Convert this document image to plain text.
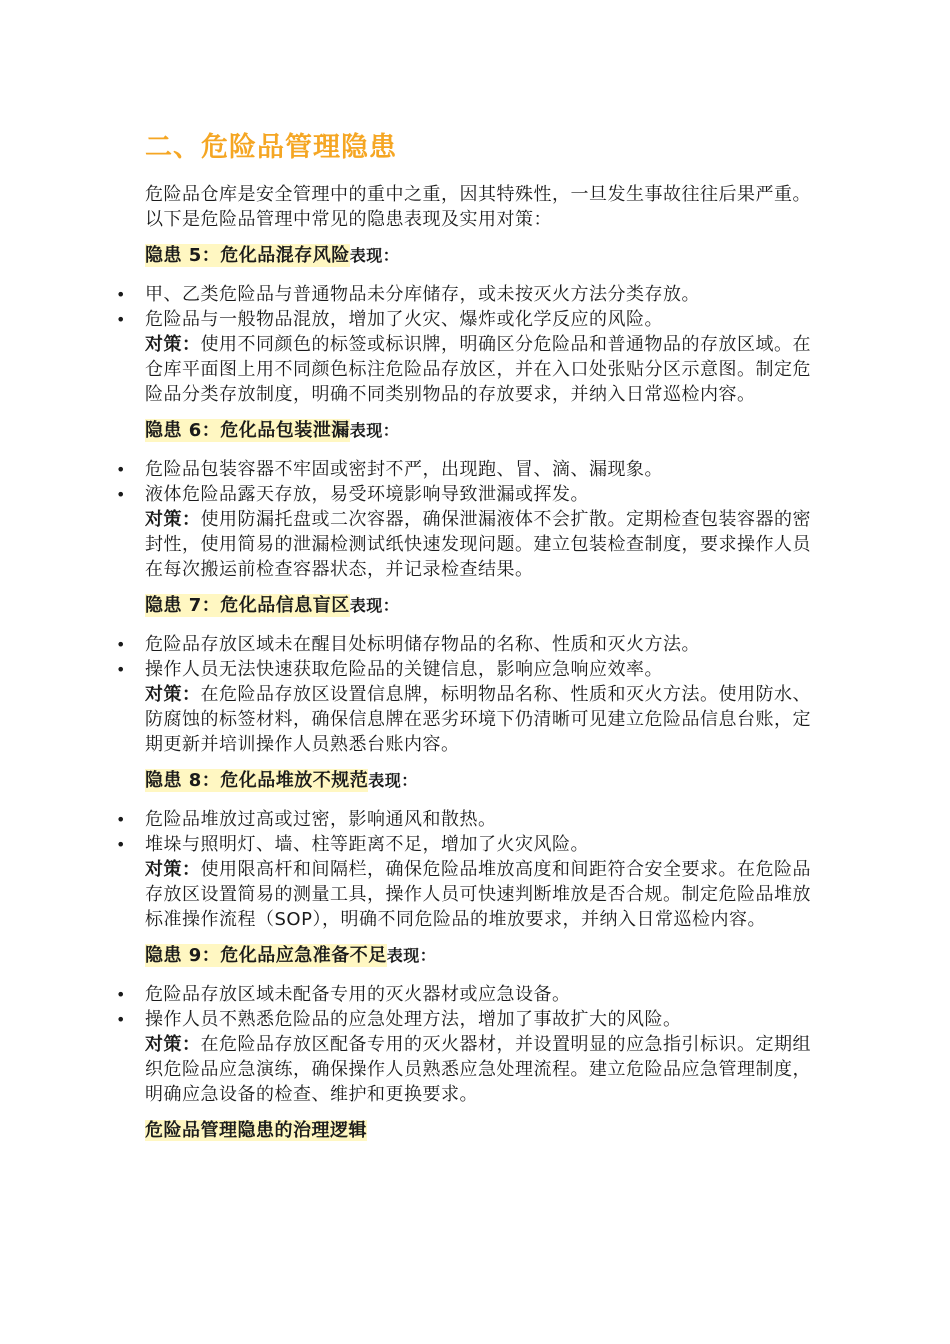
二、危险品管理隐患

危险品仓库是安全管理中的重中之重，因其特殊性，一旦发生事故往往后果严重。以下是危险品管理中常见的隐患表现及实用对策：

隐患 5：危化品混存风险表现：
• 甲、乙类危险品与普通物品未分库储存，或未按灭火方法分类存放。
• 危险品与一般物品混放，增加了火灾、爆炸或化学反应的风险。
对策：使用不同颜色的标签或标识牌，明确区分危险品和普通物品的存放区域。在仓库平面图上用不同颜色标注危险品存放区，并在入口处张贴分区示意图。制定危险品分类存放制度，明确不同类别物品的存放要求，并纳入日常巡检内容。
隐患 6：危化品包装泄漏表现：
• 危险品包装容器不牢固或密封不严，出现跑、冒、滴、漏现象。
• 液体危险品露天存放，易受环境影响导致泄漏或挥发。
对策：使用防漏托盘或二次容器，确保泄漏液体不会扩散。定期检查包装容器的密封性，使用简易的泄漏检测试纸快速发现问题。建立包装检查制度，要求操作人员在每次搬运前检查容器状态，并记录检查结果。
隐患 7：危化品信息盲区表现：
• 危险品存放区域未在醒目处标明储存物品的名称、性质和灭火方法。
• 操作人员无法快速获取危险品的关键信息，影响应急响应效率。
对策：在危险品存放区设置信息牌，标明物品名称、性质和灭火方法。使用防水、防腐蚀的标签材料，确保信息牌在恶劣环境下仍清晰可见建立危险品信息台账，定期更新并培训操作人员熟悉台账内容。
隐患 8：危化品堆放不规范表现：
• 危险品堆放过高或过密，影响通风和散热。
• 堆垛与照明灯、墙、柱等距离不足，增加了火灾风险。
对策：使用限高杆和间隔栏，确保危险品堆放高度和间距符合安全要求。在危险品存放区设置简易的测量工具，操作人员可快速判断堆放是否合规。制定危险品堆放标准操作流程（SOP），明确不同危险品的堆放要求，并纳入日常巡检内容。
隐患 9：危化品应急准备不足表现：
• 危险品存放区域未配备专用的灭火器材或应急设备。
• 操作人员不熟悉危险品的应急处理方法，增加了事故扩大的风险。
对策：在危险品存放区配备专用的灭火器材，并设置明显的应急指引标识。定期组织危险品应急演练，确保操作人员熟悉应急处理流程。建立危险品应急管理制度，明确应急设备的检查、维护和更换要求。
危险品管理隐患的治理逻辑
